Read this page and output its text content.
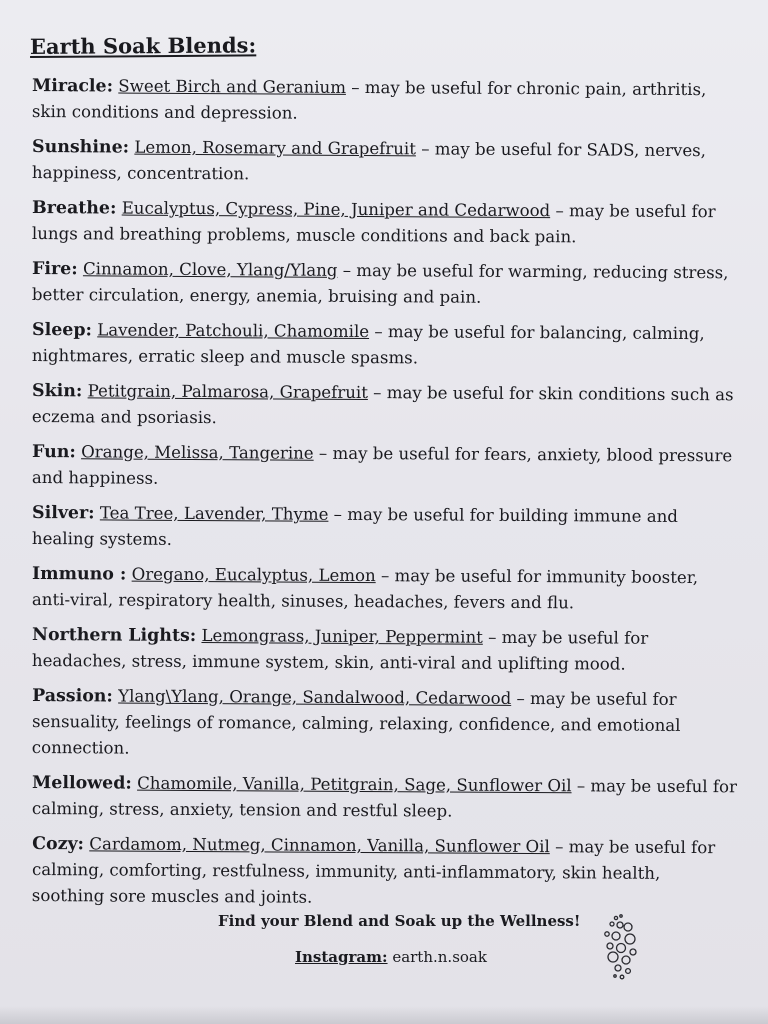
Earth Soak Blends:

Miracle: Sweet Birch and Geranium – may be useful for chronic pain, arthritis, skin conditions and depression.

Sunshine: Lemon, Rosemary and Grapefruit – may be useful for SADS, nerves, happiness, concentration.

Breathe: Eucalyptus, Cypress, Pine, Juniper and Cedarwood – may be useful for lungs and breathing problems, muscle conditions and back pain.

Fire: Cinnamon, Clove, Ylang/Ylang – may be useful for warming, reducing stress, better circulation, energy, anemia, bruising and pain.

Sleep: Lavender, Patchouli, Chamomile – may be useful for balancing, calming, nightmares, erratic sleep and muscle spasms.

Skin: Petitgrain, Palmarosa, Grapefruit – may be useful for skin conditions such as eczema and psoriasis.

Fun: Orange, Melissa, Tangerine – may be useful for fears, anxiety, blood pressure and happiness.

Silver: Tea Tree, Lavender, Thyme – may be useful for building immune and healing systems.

Immuno : Oregano, Eucalyptus, Lemon – may be useful for immunity booster, anti-viral, respiratory health, sinuses, headaches, fevers and flu.

Northern Lights: Lemongrass, Juniper, Peppermint – may be useful for headaches, stress, immune system, skin, anti-viral and uplifting mood.

Passion: Ylang\Ylang, Orange, Sandalwood, Cedarwood – may be useful for sensuality, feelings of romance, calming, relaxing, confidence, and emotional connection.

Mellowed: Chamomile, Vanilla, Petitgrain, Sage, Sunflower Oil – may be useful for calming, stress, anxiety, tension and restful sleep.

Cozy: Cardamom, Nutmeg, Cinnamon, Vanilla, Sunflower Oil – may be useful for calming, comforting, restfulness, immunity, anti-inflammatory, skin health, soothing sore muscles and joints.

Find your Blend and Soak up the Wellness!
Instagram: earth.n.soak
